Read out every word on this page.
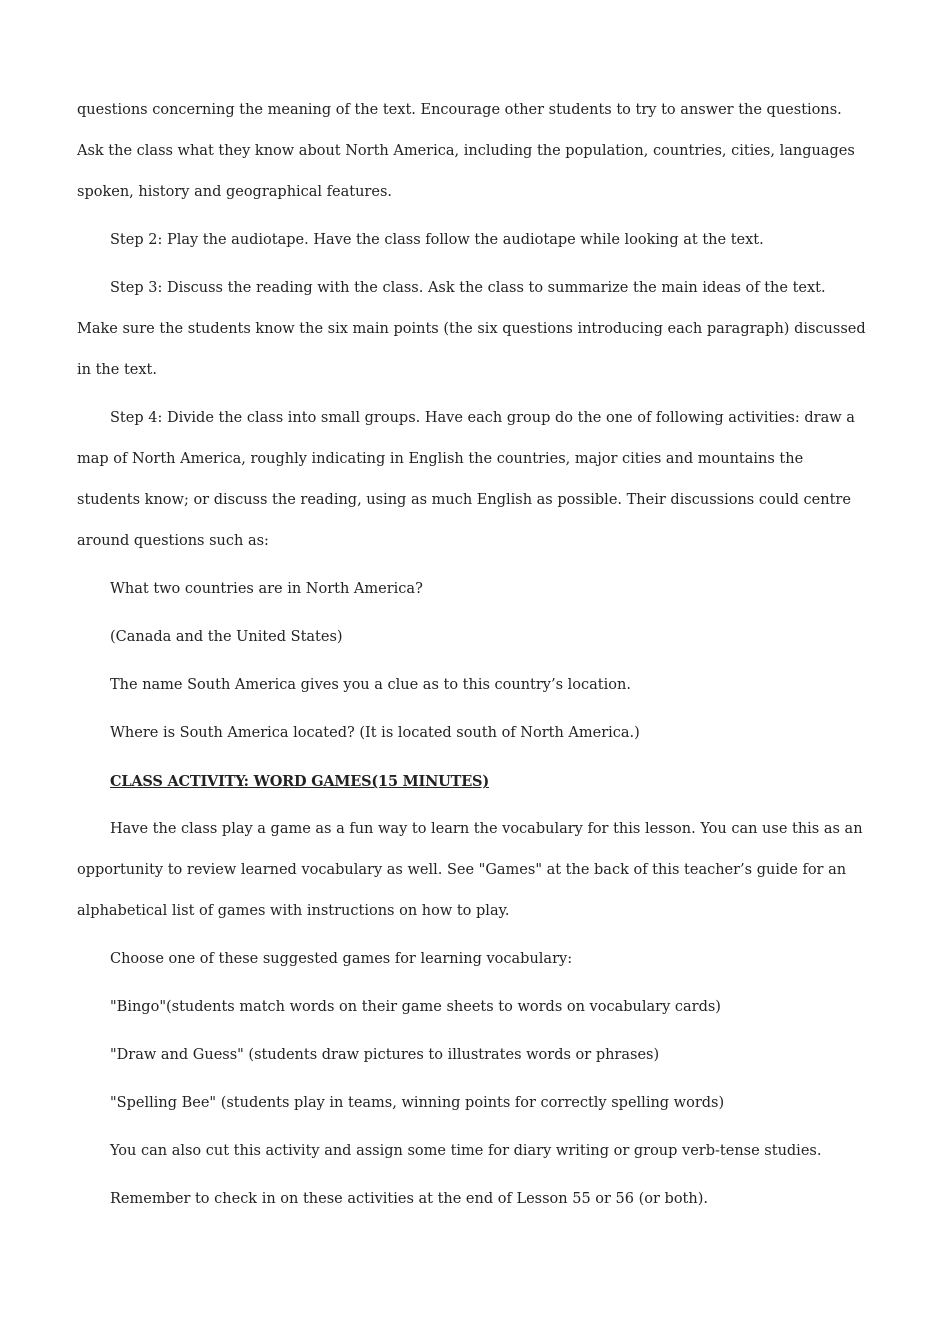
questions concerning the meaning of the text. Encourage other students to try to answer the questions. Ask the class what they know about North America, including the population, countries, cities, languages spoken, history and geographical features.

Step 2: Play the audiotape. Have the class follow the audiotape while looking at the text.

Step 3: Discuss the reading with the class. Ask the class to summarize the main ideas of the text. Make sure the students know the six main points (the six questions introducing each paragraph) discussed in the text.

Step 4: Divide the class into small groups. Have each group do the one of following activities: draw a map of North America, roughly indicating in English the countries, major cities and mountains the students know; or discuss the reading, using as much English as possible. Their discussions could centre around questions such as:

What two countries are in North America?

(Canada and the United States)

The name South America gives you a clue as to this country’s location.

Where is South America located? (It is located south of North America.)

CLASS ACTIVITY: WORD GAMES(15 MINUTES)

Have the class play a game as a fun way to learn the vocabulary for this lesson. You can use this as an opportunity to review learned vocabulary as well. See "Games" at the back of this teacher’s guide for an alphabetical list of games with instructions on how to play.

Choose one of these suggested games for learning vocabulary:

"Bingo"(students match words on their game sheets to words on vocabulary cards)

"Draw and Guess" (students draw pictures to illustrates words or phrases)

"Spelling Bee" (students play in teams, winning points for correctly spelling words)

You can also cut this activity and assign some time for diary writing or group verb-tense studies.

Remember to check in on these activities at the end of Lesson 55 or 56 (or both).
